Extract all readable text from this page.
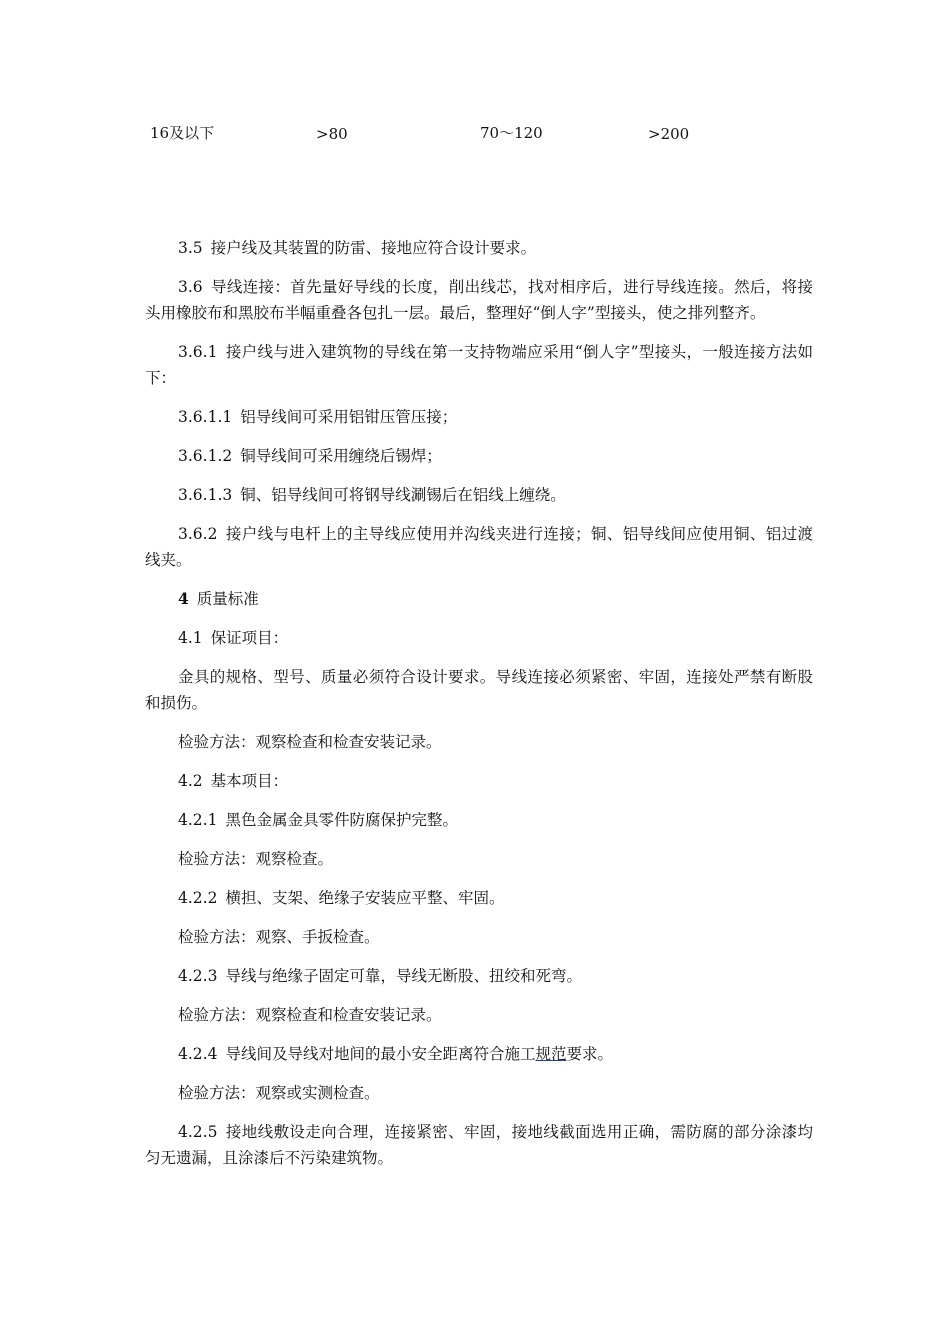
16及以下	>80	70～120	>200

3.5 接户线及其装置的防雷、接地应符合设计要求。

3.6 导线连接：首先量好导线的长度，削出线芯，找对相序后，进行导线连接。然后，将接头用橡胶布和黑胶布半幅重叠各包扎一层。最后，整理好“倒人字”型接头，使之排列整齐。

3.6.1 接户线与进入建筑物的导线在第一支持物端应采用“倒人字”型接头，一般连接方法如下：

3.6.1.1 铝导线间可采用铝钳压管压接；

3.6.1.2 铜导线间可采用缠绕后锡焊；

3.6.1.3 铜、铝导线间可将钢导线涮锡后在铝线上缠绕。

3.6.2 接户线与电杆上的主导线应使用并沟线夹进行连接；铜、铝导线间应使用铜、铝过渡线夹。

4 质量标准

4.1 保证项目：

金具的规格、型号、质量必须符合设计要求。导线连接必须紧密、牢固，连接处严禁有断股和损伤。

检验方法：观察检查和检查安装记录。

4.2 基本项目：

4.2.1 黑色金属金具零件防腐保护完整。

检验方法：观察检查。

4.2.2 横担、支架、绝缘子安装应平整、牢固。

检验方法：观察、手扳检查。

4.2.3 导线与绝缘子固定可靠，导线无断股、扭绞和死弯。

检验方法：观察检查和检查安装记录。

4.2.4 导线间及导线对地间的最小安全距离符合施工规范要求。

检验方法：观察或实测检查。

4.2.5 接地线敷设走向合理，连接紧密、牢固，接地线截面选用正确，需防腐的部分涂漆均匀无遗漏，且涂漆后不污染建筑物。
